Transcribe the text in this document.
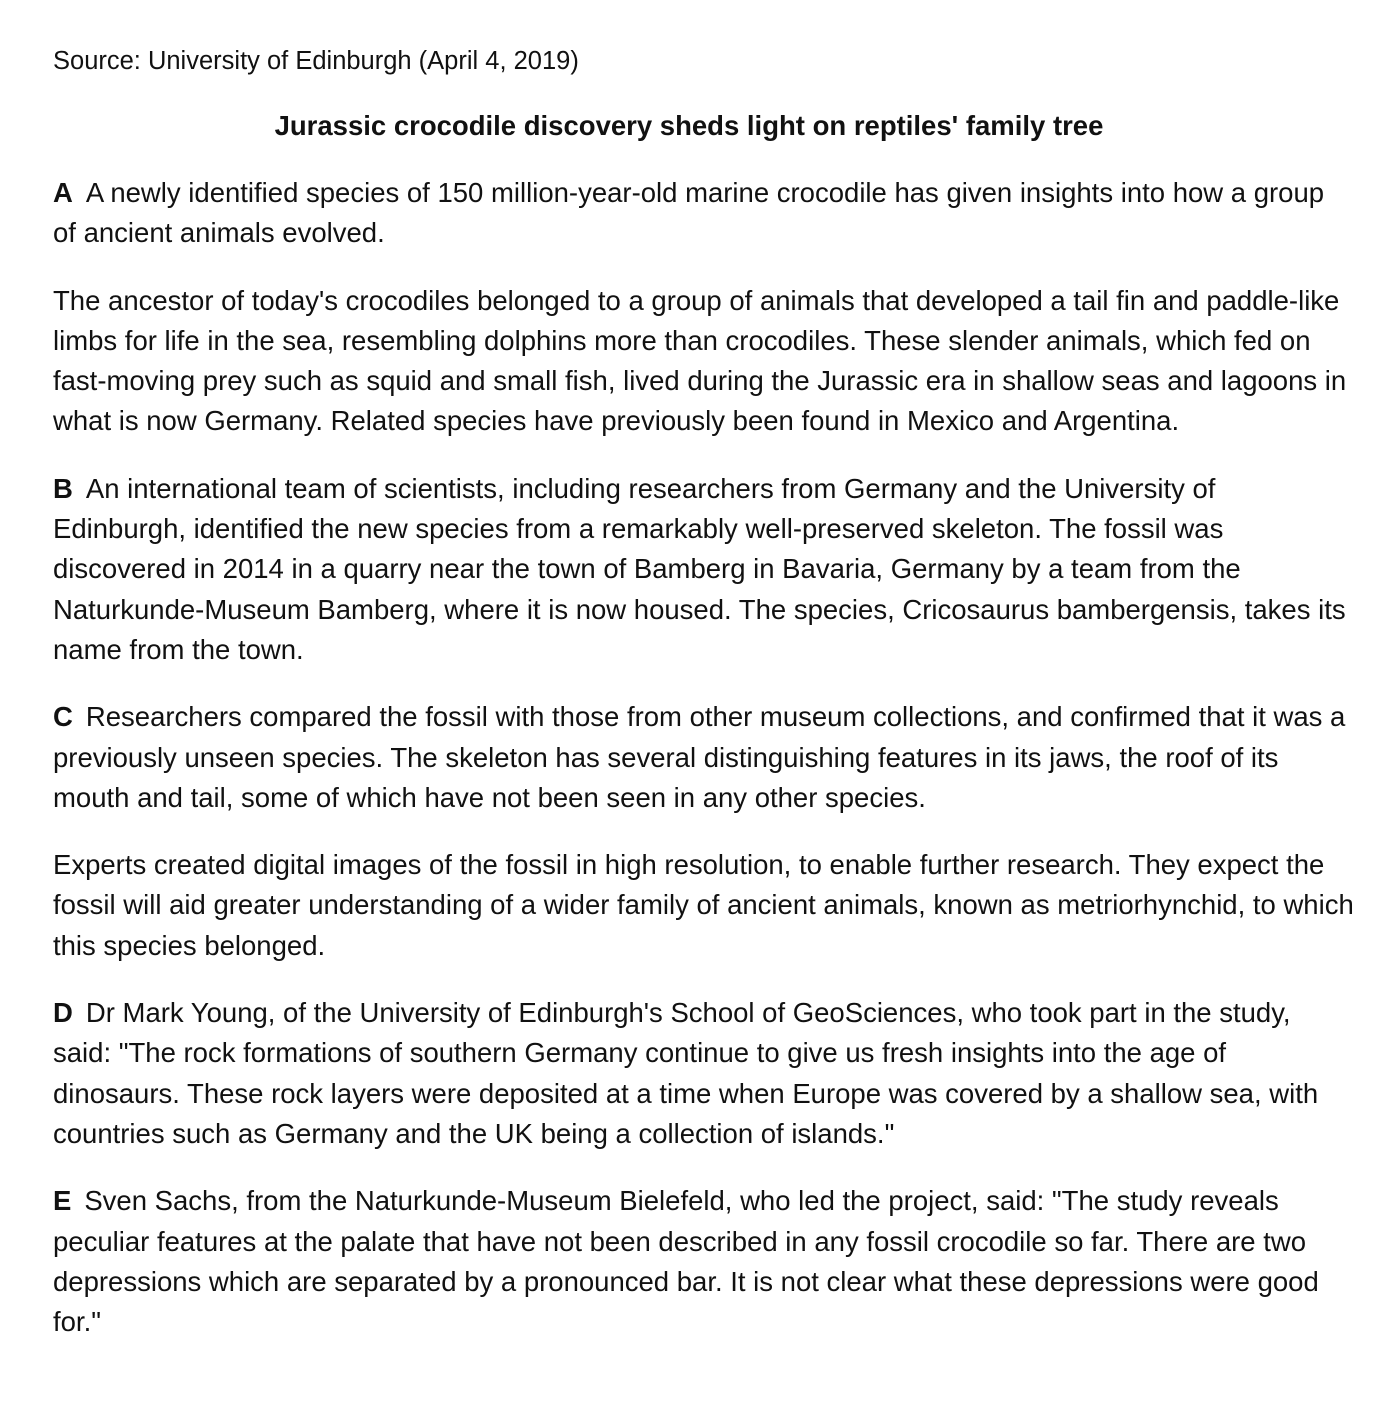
Source: University of Edinburgh (April 4, 2019)

Jurassic crocodile discovery sheds light on reptiles' family tree

A A newly identified species of 150 million-year-old marine crocodile has given insights into how a group of ancient animals evolved.

The ancestor of today's crocodiles belonged to a group of animals that developed a tail fin and paddle-like limbs for life in the sea, resembling dolphins more than crocodiles. These slender animals, which fed on fast-moving prey such as squid and small fish, lived during the Jurassic era in shallow seas and lagoons in what is now Germany. Related species have previously been found in Mexico and Argentina.

B An international team of scientists, including researchers from Germany and the University of Edinburgh, identified the new species from a remarkably well-preserved skeleton. The fossil was discovered in 2014 in a quarry near the town of Bamberg in Bavaria, Germany by a team from the Naturkunde-Museum Bamberg, where it is now housed. The species, Cricosaurus bambergensis, takes its name from the town.

C Researchers compared the fossil with those from other museum collections, and confirmed that it was a previously unseen species. The skeleton has several distinguishing features in its jaws, the roof of its mouth and tail, some of which have not been seen in any other species.

Experts created digital images of the fossil in high resolution, to enable further research. They expect the fossil will aid greater understanding of a wider family of ancient animals, known as metriorhynchid, to which this species belonged.

D Dr Mark Young, of the University of Edinburgh's School of GeoSciences, who took part in the study, said: "The rock formations of southern Germany continue to give us fresh insights into the age of dinosaurs. These rock layers were deposited at a time when Europe was covered by a shallow sea, with countries such as Germany and the UK being a collection of islands."

E Sven Sachs, from the Naturkunde-Museum Bielefeld, who led the project, said: "The study reveals peculiar features at the palate that have not been described in any fossil crocodile so far. There are two depressions which are separated by a pronounced bar. It is not clear what these depressions were good for."
